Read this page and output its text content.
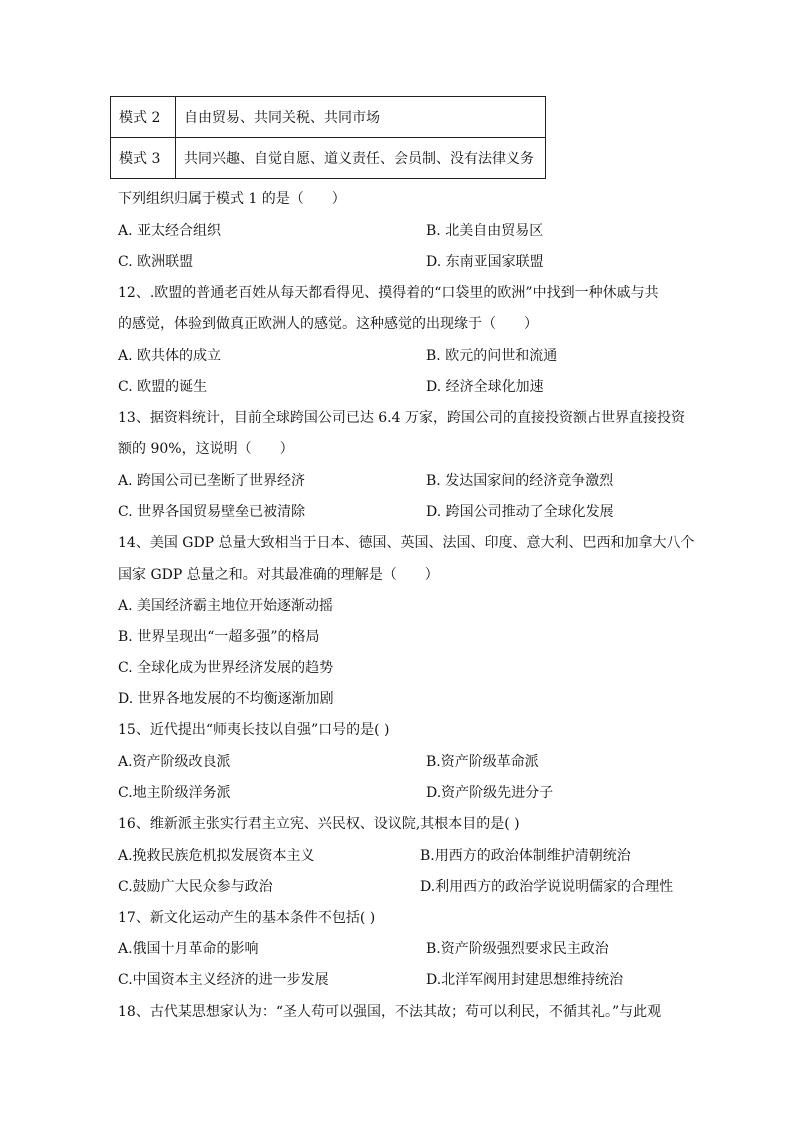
模式 2	自由贸易、共同关税、共同市场
模式 3	共同兴趣、自觉自愿、道义责任、会员制、没有法律义务
下列组织归属于模式 1 的是（　　）
A. 亚太经合组织	B. 北美自由贸易区
C. 欧洲联盟	D. 东南亚国家联盟
12、.欧盟的普通老百姓从每天都看得见、摸得着的“口袋里的欧洲”中找到一种休戚与共
的感觉，体验到做真正欧洲人的感觉。这种感觉的出现缘于（　　）
A. 欧共体的成立	B. 欧元的问世和流通
C. 欧盟的诞生	D. 经济全球化加速
13、据资料统计，目前全球跨国公司已达 6.4 万家，跨国公司的直接投资额占世界直接投资
额的 90%，这说明（　　）
A. 跨国公司已垄断了世界经济	B. 发达国家间的经济竞争激烈
C. 世界各国贸易壁垒已被清除	D. 跨国公司推动了全球化发展
14、美国 GDP 总量大致相当于日本、德国、英国、法国、印度、意大利、巴西和加拿大八个
国家 GDP 总量之和。对其最准确的理解是（　　）
A. 美国经济霸主地位开始逐渐动摇
B. 世界呈现出“一超多强”的格局
C. 全球化成为世界经济发展的趋势
D. 世界各地发展的不均衡逐渐加剧
15、近代提出“师夷长技以自强”口号的是( )
A.资产阶级改良派	B.资产阶级革命派
C.地主阶级洋务派	D.资产阶级先进分子
16、维新派主张实行君主立宪、兴民权、设议院,其根本目的是( )
A.挽救民族危机拟发展资本主义	B.用西方的政治体制维护清朝统治
C.鼓励广大民众参与政治	D.利用西方的政治学说说明儒家的合理性
17、新文化运动产生的基本条件不包括( )
A.俄国十月革命的影响	B.资产阶级强烈要求民主政治
C.中国资本主义经济的进一步发展	D.北洋军阀用封建思想维持统治
18、古代某思想家认为：“圣人苟可以强国，不法其故；苟可以利民，不循其礼。”与此观
